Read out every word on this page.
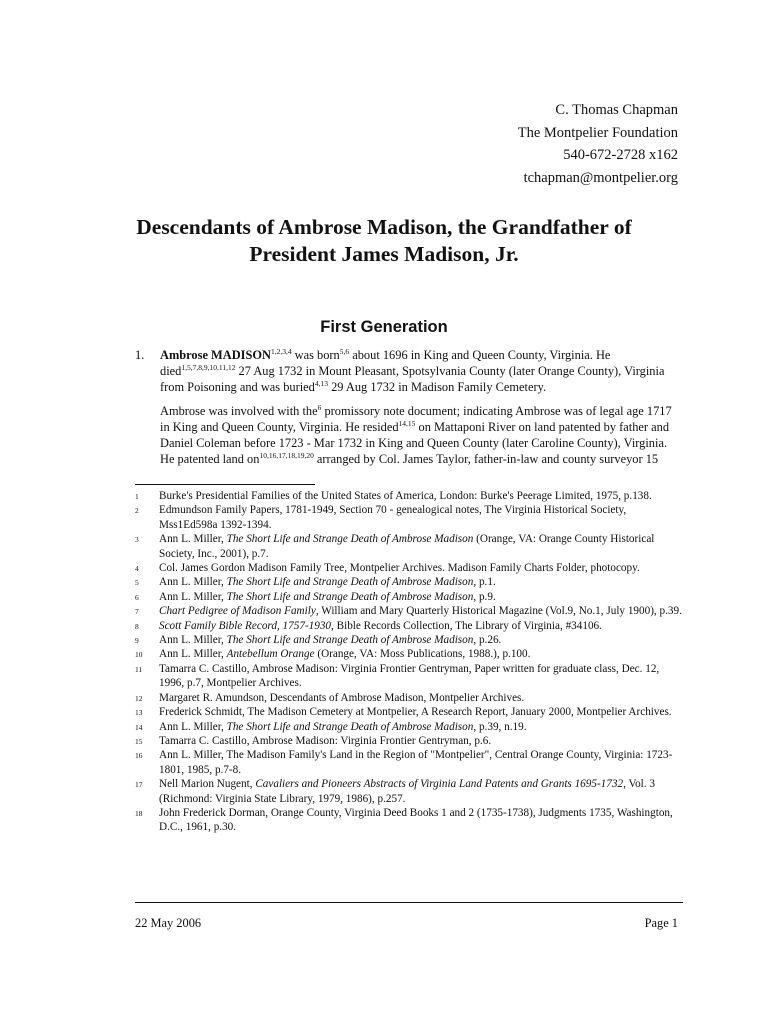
C. Thomas Chapman
The Montpelier Foundation
540-672-2728 x162
tchapman@montpelier.org
Descendants of Ambrose Madison, the Grandfather of
President James Madison, Jr.
First Generation
1. Ambrose MADISON$^{1,2,3,4}$ was born$^{5,6}$ about 1696 in King and Queen County, Virginia. He died$^{1,5,7,8,9,10,11,12}$ 27 Aug 1732 in Mount Pleasant, Spotsylvania County (later Orange County), Virginia from Poisoning and was buried$^{4,13}$ 29 Aug 1732 in Madison Family Cemetery.

Ambrose was involved with the$^6$ promissory note document; indicating Ambrose was of legal age 1717 in King and Queen County, Virginia. He resided$^{14,15}$ on Mattaponi River on land patented by father and Daniel Coleman before 1723 - Mar 1732 in King and Queen County (later Caroline County), Virginia. He patented land on$^{10,16,17,18,19,20}$ arranged by Col. James Taylor, father-in-law and county surveyor 15

1 Burke's Presidential Families of the United States of America, London: Burke's Peerage Limited, 1975, p.138.
2 Edmundson Family Papers, 1781-1949, Section 70 - genealogical notes, The Virginia Historical Society, Mss1Ed598a 1392-1394.
3 Ann L. Miller, The Short Life and Strange Death of Ambrose Madison (Orange, VA: Orange County Historical Society, Inc., 2001), p.7.
4 Col. James Gordon Madison Family Tree, Montpelier Archives. Madison Family Charts Folder, photocopy.
5 Ann L. Miller, The Short Life and Strange Death of Ambrose Madison, p.1.
6 Ann L. Miller, The Short Life and Strange Death of Ambrose Madison, p.9.
7 Chart Pedigree of Madison Family, William and Mary Quarterly Historical Magazine (Vol.9, No.1, July 1900), p.39.
8 Scott Family Bible Record, 1757-1930, Bible Records Collection, The Library of Virginia, #34106.
9 Ann L. Miller, The Short Life and Strange Death of Ambrose Madison, p.26.
10 Ann L. Miller, Antebellum Orange (Orange, VA: Moss Publications, 1988.), p.100.
11 Tamarra C. Castillo, Ambrose Madison: Virginia Frontier Gentryman, Paper written for graduate class, Dec. 12, 1996, p.7, Montpelier Archives.
12 Margaret R. Amundson, Descendants of Ambrose Madison, Montpelier Archives.
13 Frederick Schmidt, The Madison Cemetery at Montpelier, A Research Report, January 2000, Montpelier Archives.
14 Ann L. Miller, The Short Life and Strange Death of Ambrose Madison, p.39, n.19.
15 Tamarra C. Castillo, Ambrose Madison: Virginia Frontier Gentryman, p.6.
16 Ann L. Miller, The Madison Family's Land in the Region of "Montpelier", Central Orange County, Virginia: 1723-1801, 1985, p.7-8.
17 Nell Marion Nugent, Cavaliers and Pioneers Abstracts of Virginia Land Patents and Grants 1695-1732, Vol. 3 (Richmond: Virginia State Library, 1979, 1986), p.257.
18 John Frederick Dorman, Orange County, Virginia Deed Books 1 and 2 (1735-1738), Judgments 1735, Washington, D.C., 1961, p.30.
22 May 2006	Page 1
